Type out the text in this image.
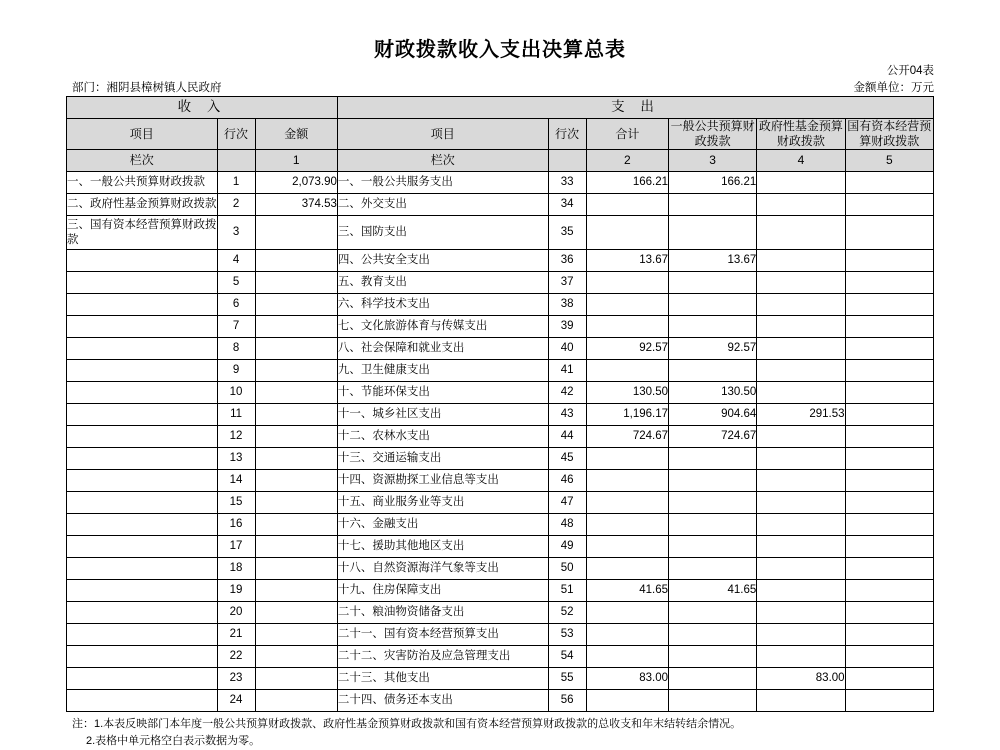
财政拨款收入支出决算总表
公开04表
部门：湘阴县樟树镇人民政府	金额单位：万元
收 入			支 出					
项目	行次	金额	项目	行次	合计	一般公共预算财政拨款	政府性基金预算财政拨款	国有资本经营预算财政拨款
栏次		1	栏次		2	3	4	5
一、一般公共预算财政拨款	1	2,073.90	一、一般公共服务支出	33	166.21	166.21		
二、政府性基金预算财政拨款	2	374.53	二、外交支出	34				
三、国有资本经营预算财政拨款	3		三、国防支出	35				
	4		四、公共安全支出	36	13.67	13.67		
	5		五、教育支出	37				
	6		六、科学技术支出	38				
	7		七、文化旅游体育与传媒支出	39				
	8		八、社会保障和就业支出	40	92.57	92.57		
	9		九、卫生健康支出	41				
	10		十、节能环保支出	42	130.50	130.50		
	11		十一、城乡社区支出	43	1,196.17	904.64	291.53	
	12		十二、农林水支出	44	724.67	724.67		
	13		十三、交通运输支出	45				
	14		十四、资源勘探工业信息等支出	46				
	15		十五、商业服务业等支出	47				
	16		十六、金融支出	48				
	17		十七、援助其他地区支出	49				
	18		十八、自然资源海洋气象等支出	50				
	19		十九、住房保障支出	51	41.65	41.65		
	20		二十、粮油物资储备支出	52				
	21		二十一、国有资本经营预算支出	53				
	22		二十二、灾害防治及应急管理支出	54				
	23		二十三、其他支出	55	83.00		83.00	
	24		二十四、债务还本支出	56				
注：1.本表反映部门本年度一般公共预算财政拨款、政府性基金预算财政拨款和国有资本经营预算财政拨款的总收支和年末结转结余情况。
2.表格中单元格空白表示数据为零。
